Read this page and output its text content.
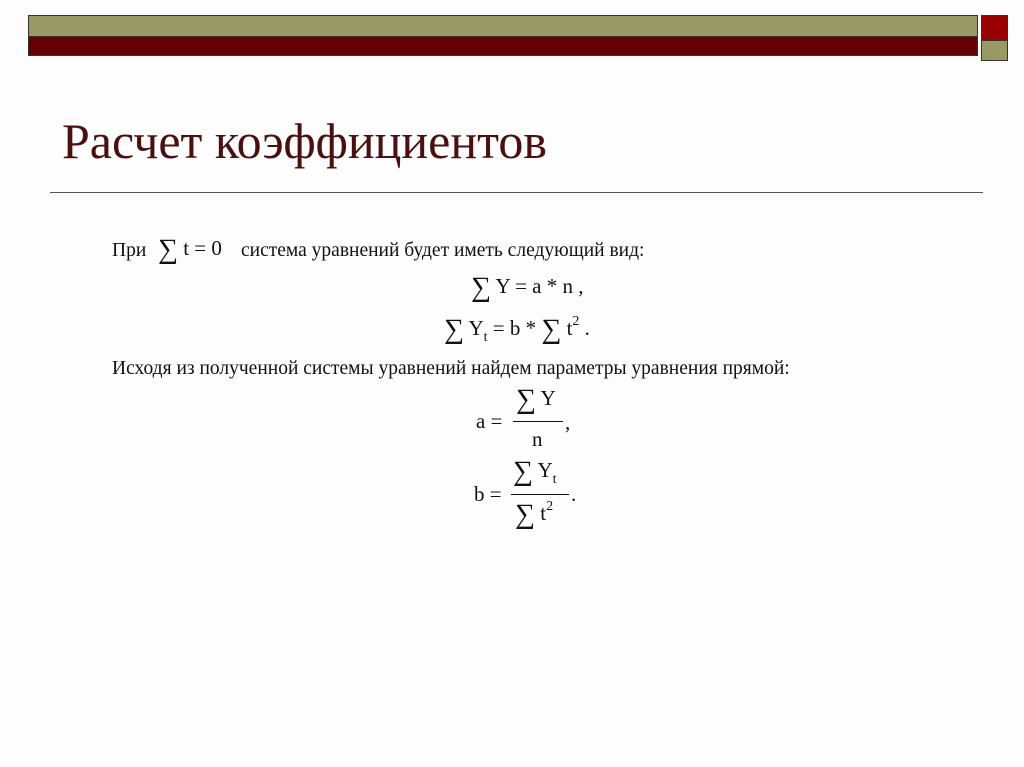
Расчет коэффициентов
При ∑ t = 0 система уравнений будет иметь следующий вид:
∑ Y = a * n ,
∑ $Y_t = b$ * ∑ $t^2$ .
Исходя из полученной системы уравнений найдем параметры уравнения прямой:
a =
∑ Y
n
,
b =
∑ $Y_t$
∑ $t^2$
.
